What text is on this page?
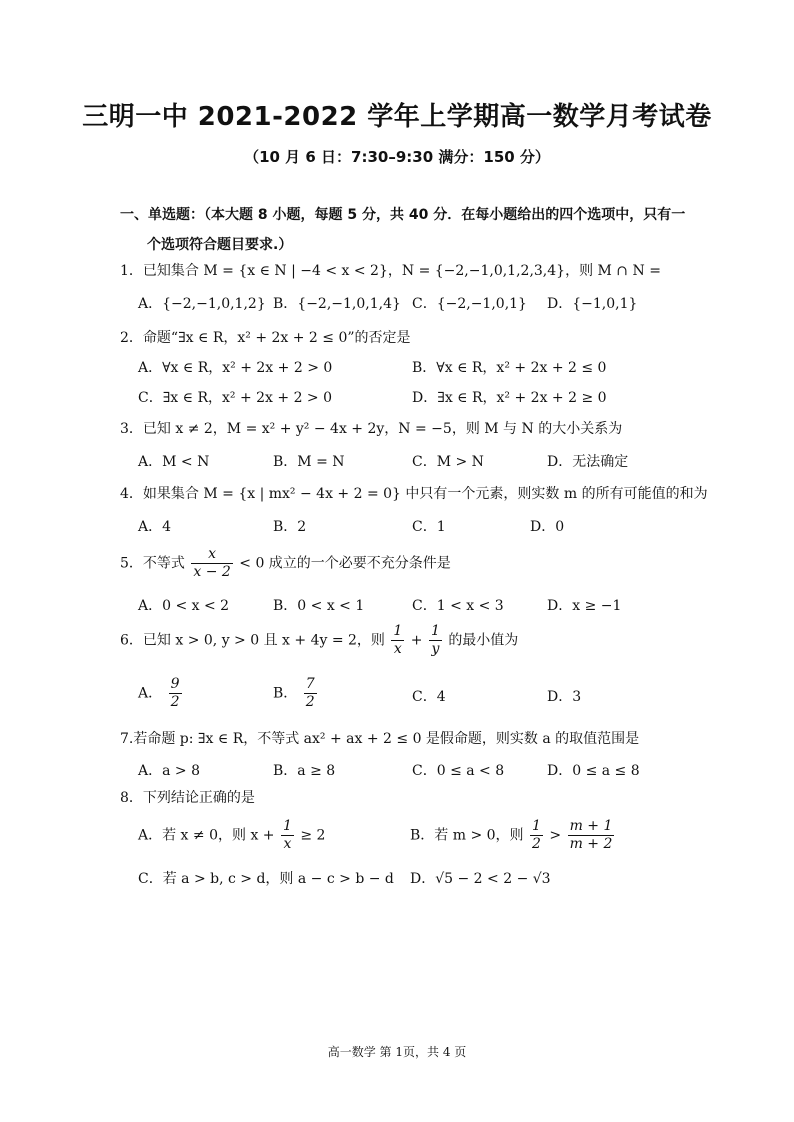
三明一中 2021-2022 学年上学期高一数学月考试卷
（10 月 6 日：7:30–9:30 满分：150 分）
一、单选题：（本大题 8 小题，每题 5 分，共 40 分．在每小题给出的四个选项中，只有一
个选项符合题目要求.）
1．已知集合 M = {x ∈ N | −4 < x < 2}，N = {−2,−1,0,1,2,3,4}，则 M ∩ N =
A．{−2,−1,0,1,2} B．{−2,−1,0,1,4} C．{−2,−1,0,1} D．{−1,0,1}
2．命题“∃x ∈ R，x² + 2x + 2 ≤ 0”的否定是
A．∀x ∈ R，x² + 2x + 2 > 0	B．∀x ∈ R，x² + 2x + 2 ≤ 0
C．∃x ∈ R，x² + 2x + 2 > 0	D．∃x ∈ R，x² + 2x + 2 ≥ 0
3．已知 x ≠ 2，M = x² + y² − 4x + 2y，N = −5，则 M 与 N 的大小关系为
A．M < N	B．M = N	C．M > N	D．无法确定
4．如果集合 M = {x | mx² − 4x + 2 = 0} 中只有一个元素，则实数 m 的所有可能值的和为
A．4	B．2	C．1	D．0
5．不等式 $\frac{x}{x - 2} < 0$ 成立的一个必要不充分条件是
A．0 < x < 2	B．0 < x < 1	C．1 < x < 3	D．x ≥ −1
6．已知 x > 0, y > 0 且 x + 4y = 2，则 $\frac{1}{x} + \frac{1}{y}$ 的最小值为
A． $\frac{9}{2}$	B． $\frac{7}{2}$	C．4	D．3
7.若命题 p: ∃x ∈ R，不等式 ax² + ax + 2 ≤ 0 是假命题，则实数 a 的取值范围是
A．a > 8	B．a ≥ 8	C．0 ≤ a < 8	D．0 ≤ a ≤ 8
8．下列结论正确的是
A．若 x ≠ 0，则 $x + \frac{1}{x} \ge 2$	B．若 m > 0，则 $\frac{1}{2} > \frac{m + 1}{m + 2}$
C．若 a > b, c > d，则 a − c > b − d D．√5 − 2 < 2 − √3
高一数学 第 1页，共 4 页
